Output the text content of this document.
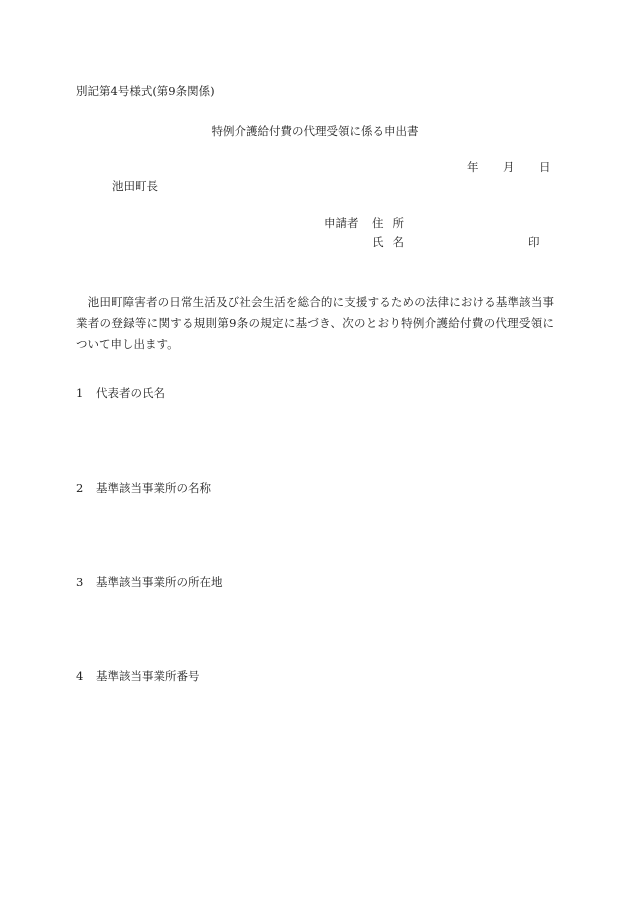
別記第4号様式(第9条関係)
特例介護給付費の代理受領に係る申出書
年 月 日
池田町長
申請者 住所
氏名	印
　池田町障害者の日常生活及び社会生活を総合的に支援するための法律における基準該当事業者の登録等に関する規則第9条の規定に基づき、次のとおり特例介護給付費の代理受領について申し出ます。
1 代表者の氏名
2 基準該当事業所の名称
3 基準該当事業所の所在地
4 基準該当事業所番号
